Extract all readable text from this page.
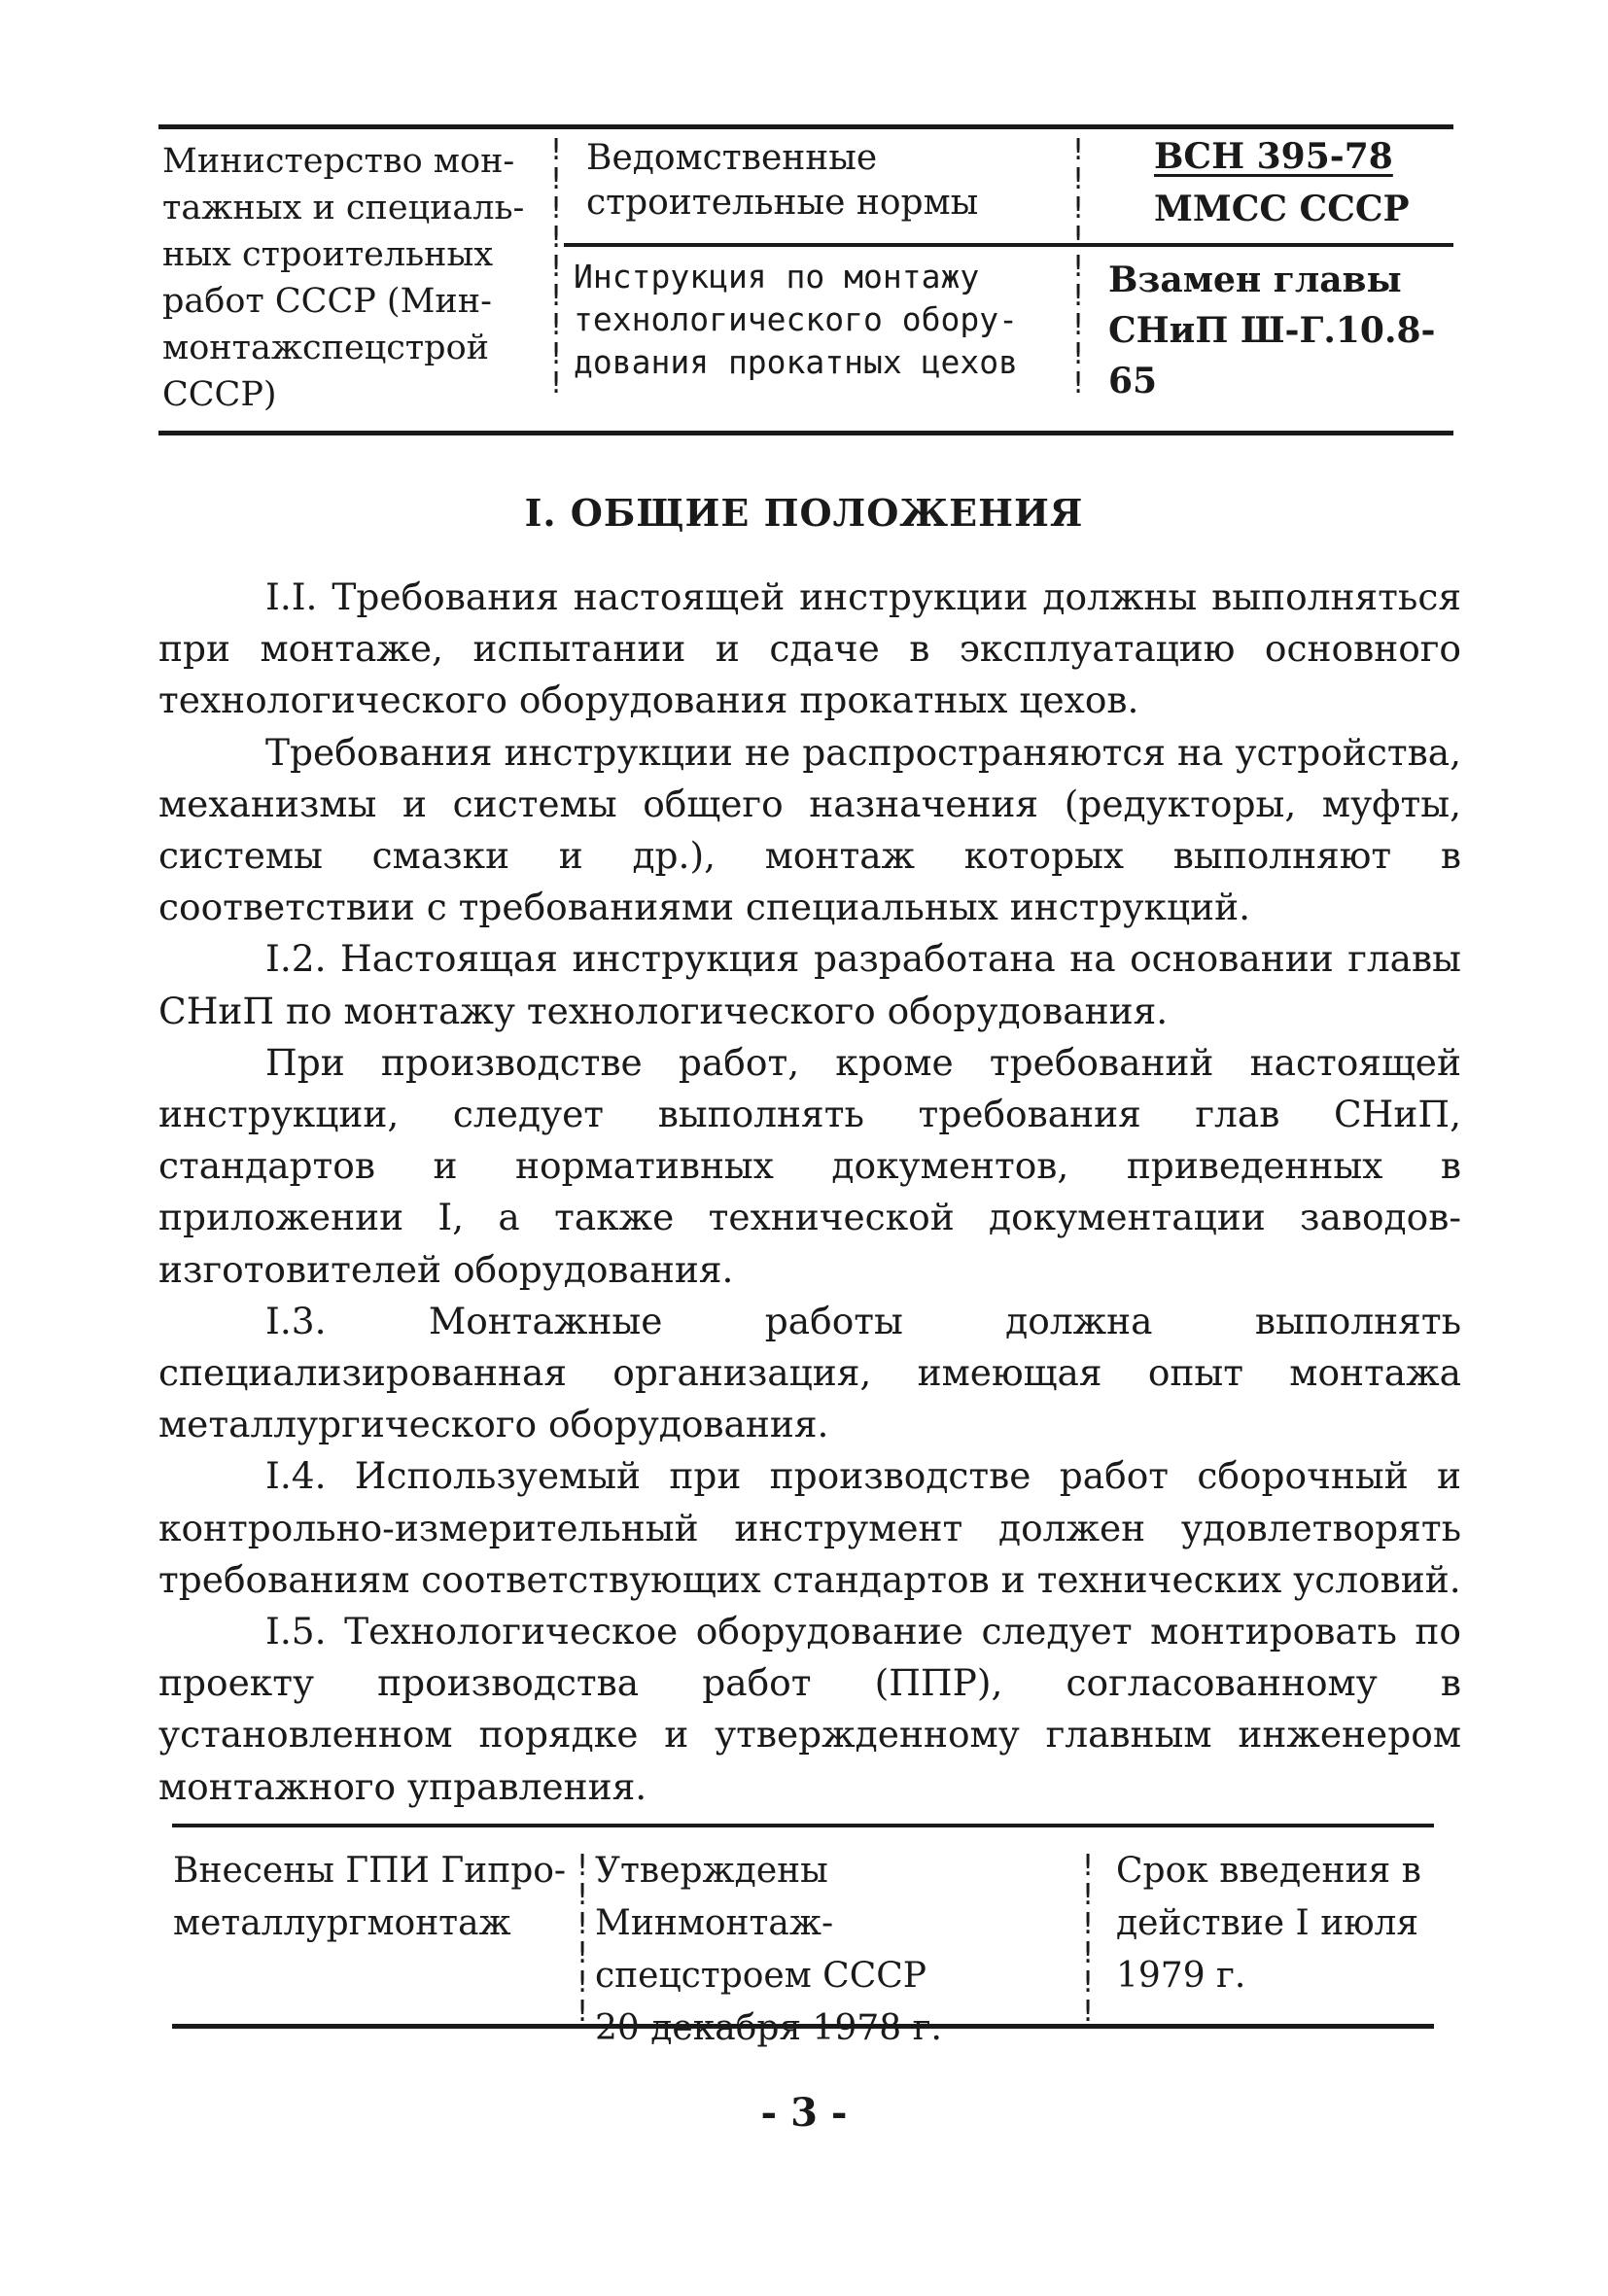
!
!
!
!
!
!
!
!
!
!
!
!
!
!
!
!
!
!
Министерство мон-
тажных и специаль-
ных строительных
работ СССР (Мин-
монтажспецстрой
СССР)
Ведомственные
строительные нормы
ВСН 395-78
ММСС СССР
Инструкция по монтажу
технологического обору-
дования прокатных цехов
Взамен главы
СНиП Ш-Г.10.8-65
I. ОБЩИЕ ПОЛОЖЕНИЯ

I.I. Требования настоящей инструкции должны выполняться при монтаже, испытании и сдаче в эксплуатацию основного технологического оборудования прокатных цехов.

Требования инструкции не распространяются на устройства, механизмы и системы общего назначения (редукторы, муфты, системы смазки и др.), монтаж которых выполняют в соответствии с требованиями специальных инструкций.

I.2. Настоящая инструкция разработана на основании главы СНиП по монтажу технологического оборудования.

При производстве работ, кроме требований настоящей инструкции, следует выполнять требования глав СНиП, стандартов и нормативных документов, приведенных в приложении I, а также технической документации заводов-изготовителей оборудования.

I.3. Монтажные работы должна выполнять специализированная организация, имеющая опыт монтажа металлургического оборудования.

I.4. Используемый при производстве работ сборочный и контрольно-измерительный инструмент должен удовлетворять требованиям соответствующих стандартов и технических условий.

I.5. Технологическое оборудование следует монтировать по проекту производства работ (ППР), согласованному в установленном порядке и утвержденному главным инженером монтажного управления.

!
!
!
!
!
!
!
!
!
!
!
!
Внесены ГПИ Гипро-
металлургмонтаж
Утверждены Минмонтаж-
спецстроем СССР
20 декабря 1978 г.
Срок введения в
действие I июля
1979 г.
- 3 -
